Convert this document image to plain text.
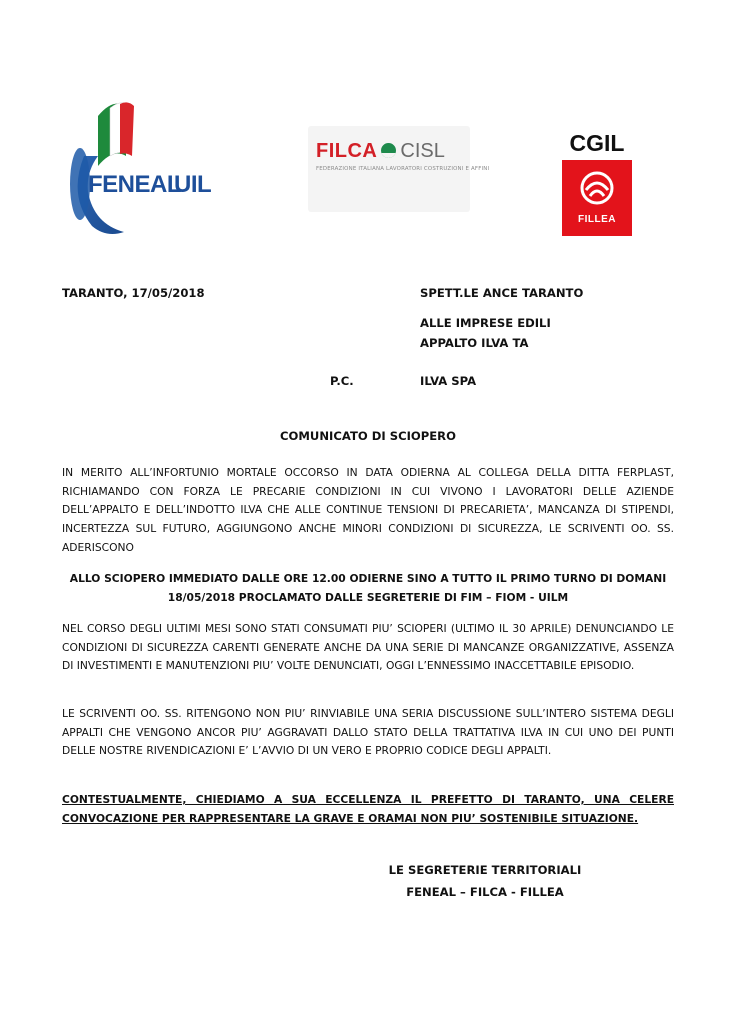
FENEAL
UIL
FILCA CISL
FEDERAZIONE ITALIANA LAVORATORI COSTRUZIONI E AFFINI
CGIL
FILLEA
TARANTO, 17/05/2018	SPETT.LE ANCE TARANTO
ALLE IMPRESE EDILI
APPALTO ILVA TA
P.C.	ILVA SPA
COMUNICATO DI SCIOPERO
IN MERITO ALL’INFORTUNIO MORTALE OCCORSO IN DATA ODIERNA AL COLLEGA DELLA DITTA FERPLAST, RICHIAMANDO CON FORZA LE PRECARIE CONDIZIONI IN CUI VIVONO I LAVORATORI DELLE AZIENDE DELL’APPALTO E DELL’INDOTTO ILVA CHE ALLE CONTINUE TENSIONI DI PRECARIETA’, MANCANZA DI STIPENDI, INCERTEZZA SUL FUTURO, AGGIUNGONO ANCHE MINORI CONDIZIONI DI SICUREZZA, LE SCRIVENTI OO. SS. ADERISCONO
ALLO SCIOPERO IMMEDIATO DALLE ORE 12.00 ODIERNE SINO A TUTTO IL PRIMO TURNO DI DOMANI 18/05/2018 PROCLAMATO DALLE SEGRETERIE DI FIM – FIOM - UILM
NEL CORSO DEGLI ULTIMI MESI SONO STATI CONSUMATI PIU’ SCIOPERI (ULTIMO IL 30 APRILE) DENUNCIANDO LE CONDIZIONI DI SICUREZZA CARENTI GENERATE ANCHE DA UNA SERIE DI MANCANZE ORGANIZZATIVE, ASSENZA DI INVESTIMENTI E MANUTENZIONI PIU’ VOLTE DENUNCIATI, OGGI L’ENNESSIMO INACCETTABILE EPISODIO.
LE SCRIVENTI OO. SS. RITENGONO NON PIU’ RINVIABILE UNA SERIA DISCUSSIONE SULL’INTERO SISTEMA DEGLI APPALTI CHE VENGONO ANCOR PIU’ AGGRAVATI DALLO STATO DELLA TRATTATIVA ILVA IN CUI UNO DEI PUNTI DELLE NOSTRE RIVENDICAZIONI E’ L’AVVIO DI UN VERO E PROPRIO CODICE DEGLI APPALTI.
CONTESTUALMENTE, CHIEDIAMO A SUA ECCELLENZA IL PREFETTO DI TARANTO, UNA CELERE CONVOCAZIONE PER RAPPRESENTARE LA GRAVE E ORAMAI NON PIU’ SOSTENIBILE SITUAZIONE.
LE SEGRETERIE TERRITORIALI
FENEAL – FILCA - FILLEA
